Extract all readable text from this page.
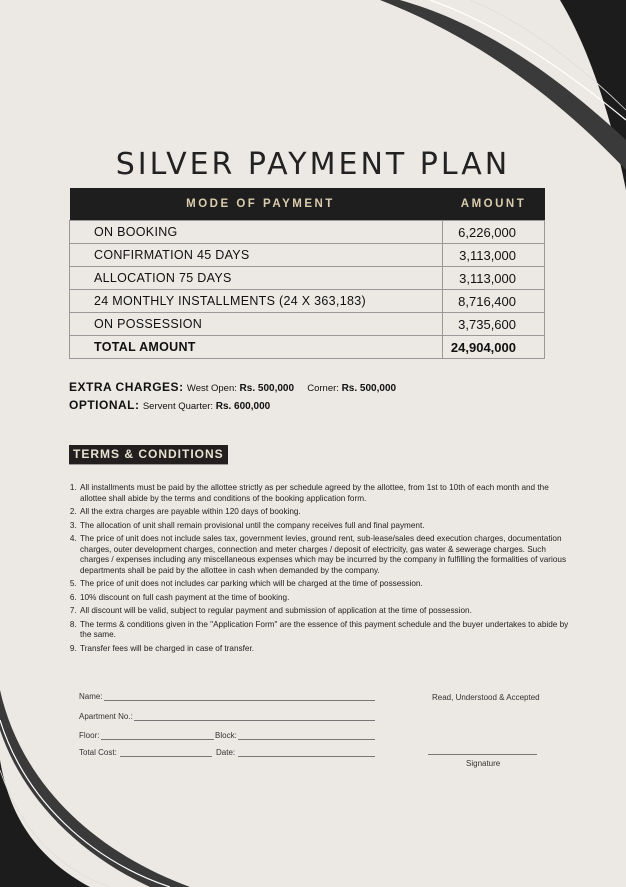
SILVER PAYMENT PLAN
MODE OF PAYMENT	AMOUNT
ON BOOKING	6,226,000
CONFIRMATION 45 DAYS	3,113,000
ALLOCATION 75 DAYS	3,113,000
24 MONTHLY INSTALLMENTS (24 X 363,183)	8,716,400
ON POSSESSION	3,735,600
TOTAL AMOUNT	24,904,000
EXTRA CHARGES: West Open: Rs. 500,000 Corner: Rs. 500,000
OPTIONAL: Servent Quarter: Rs. 600,000
TERMS & CONDITIONS
1. All installments must be paid by the allottee strictly as per schedule agreed by the allottee, from 1st to 10th of each month and the allottee shall abide by the terms and conditions of the booking application form.
2. All the extra charges are payable within 120 days of booking.
3. The allocation of unit shall remain provisional until the company receives full and final payment.
4. The price of unit does not include sales tax, government levies, ground rent, sub-lease/sales deed execution charges, documentation charges, outer development charges, connection and meter charges / deposit of electricity, gas water & sewerage charges. Such charges / expenses including any miscellaneous expenses which may be incurred by the company in fulfilling the formalities of various departments shall be paid by the allottee in cash when demanded by the company.
5. The price of unit does not includes car parking which will be charged at the time of possession.
6. 10% discount on full cash payment at the time of booking.
7. All discount will be valid, subject to regular payment and submission of application at the time of possession.
8. The terms & conditions given in the "Application Form" are the essence of this payment schedule and the buyer undertakes to abide by the same.
9. Transfer fees will be charged in case of transfer.
Name:
Apartment No.:
Floor:	Block:
Total Cost:	Date:
Read, Understood & Accepted
Signature
